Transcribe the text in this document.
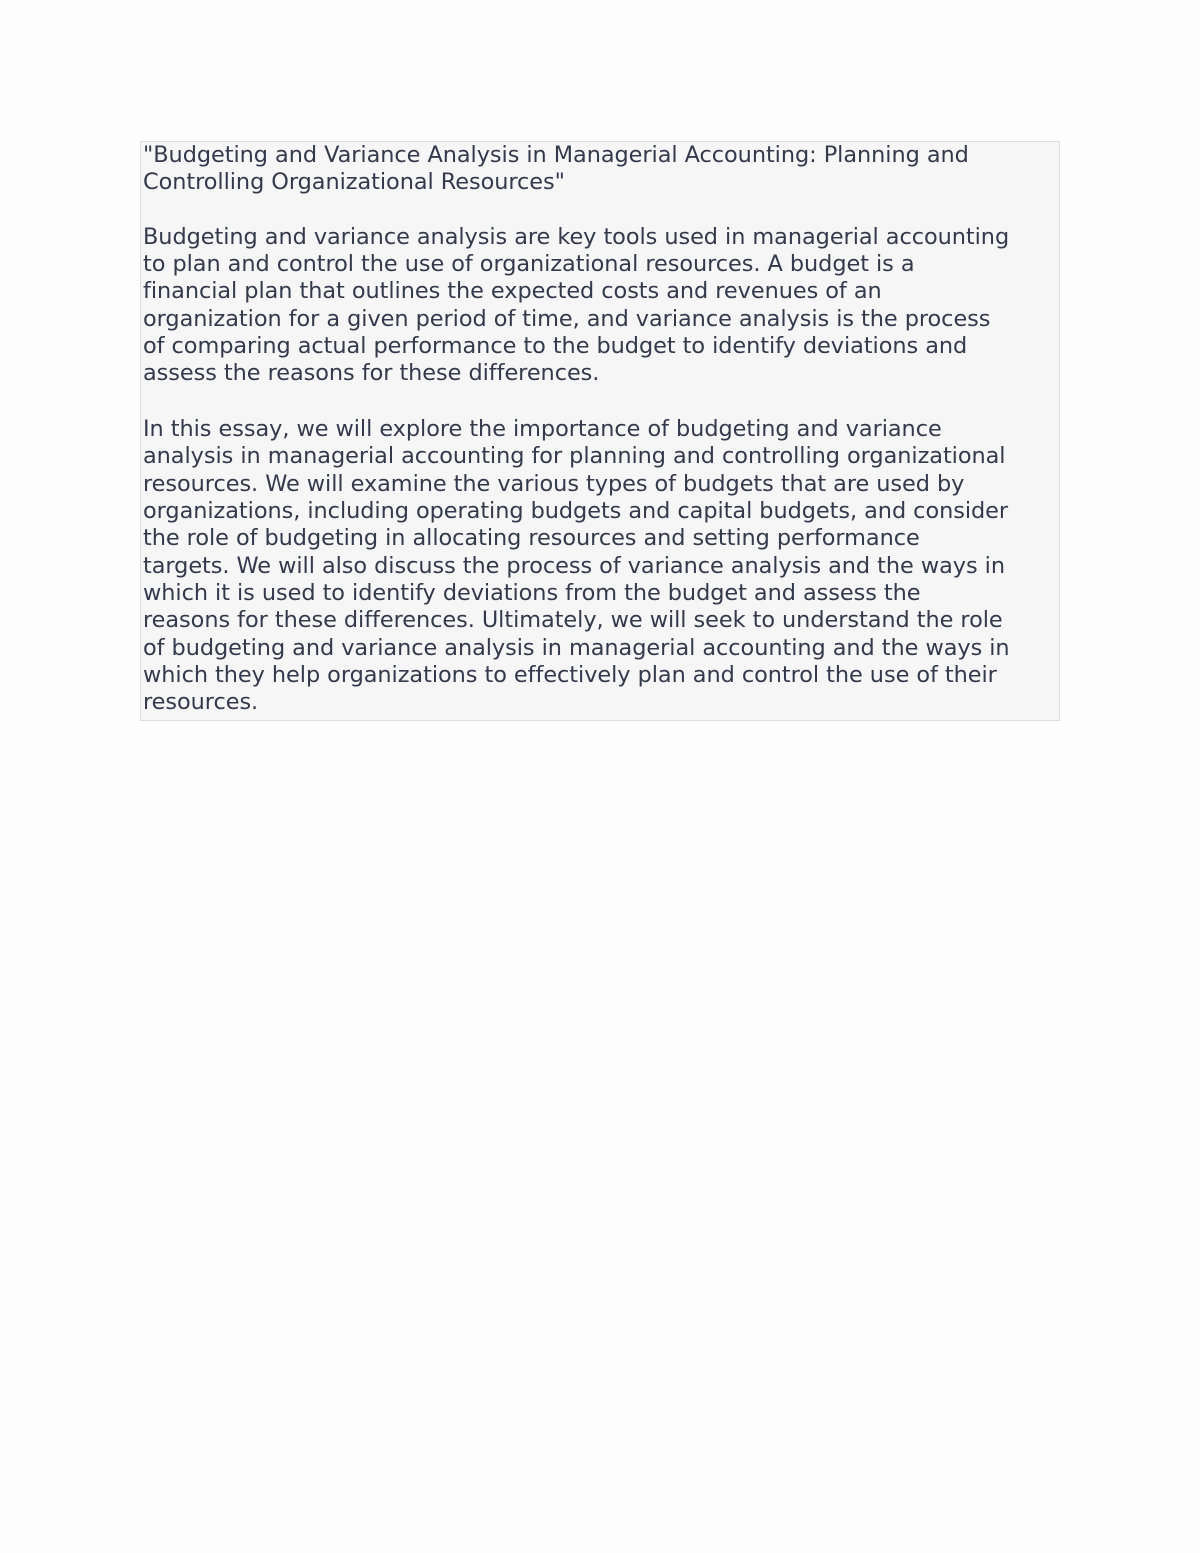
"Budgeting and Variance Analysis in Managerial Accounting: Planning and
Controlling Organizational Resources"

Budgeting and variance analysis are key tools used in managerial accounting
to plan and control the use of organizational resources. A budget is a
financial plan that outlines the expected costs and revenues of an
organization for a given period of time, and variance analysis is the process
of comparing actual performance to the budget to identify deviations and
assess the reasons for these differences.

In this essay, we will explore the importance of budgeting and variance
analysis in managerial accounting for planning and controlling organizational
resources. We will examine the various types of budgets that are used by
organizations, including operating budgets and capital budgets, and consider
the role of budgeting in allocating resources and setting performance
targets. We will also discuss the process of variance analysis and the ways in
which it is used to identify deviations from the budget and assess the
reasons for these differences. Ultimately, we will seek to understand the role
of budgeting and variance analysis in managerial accounting and the ways in
which they help organizations to effectively plan and control the use of their
resources.
